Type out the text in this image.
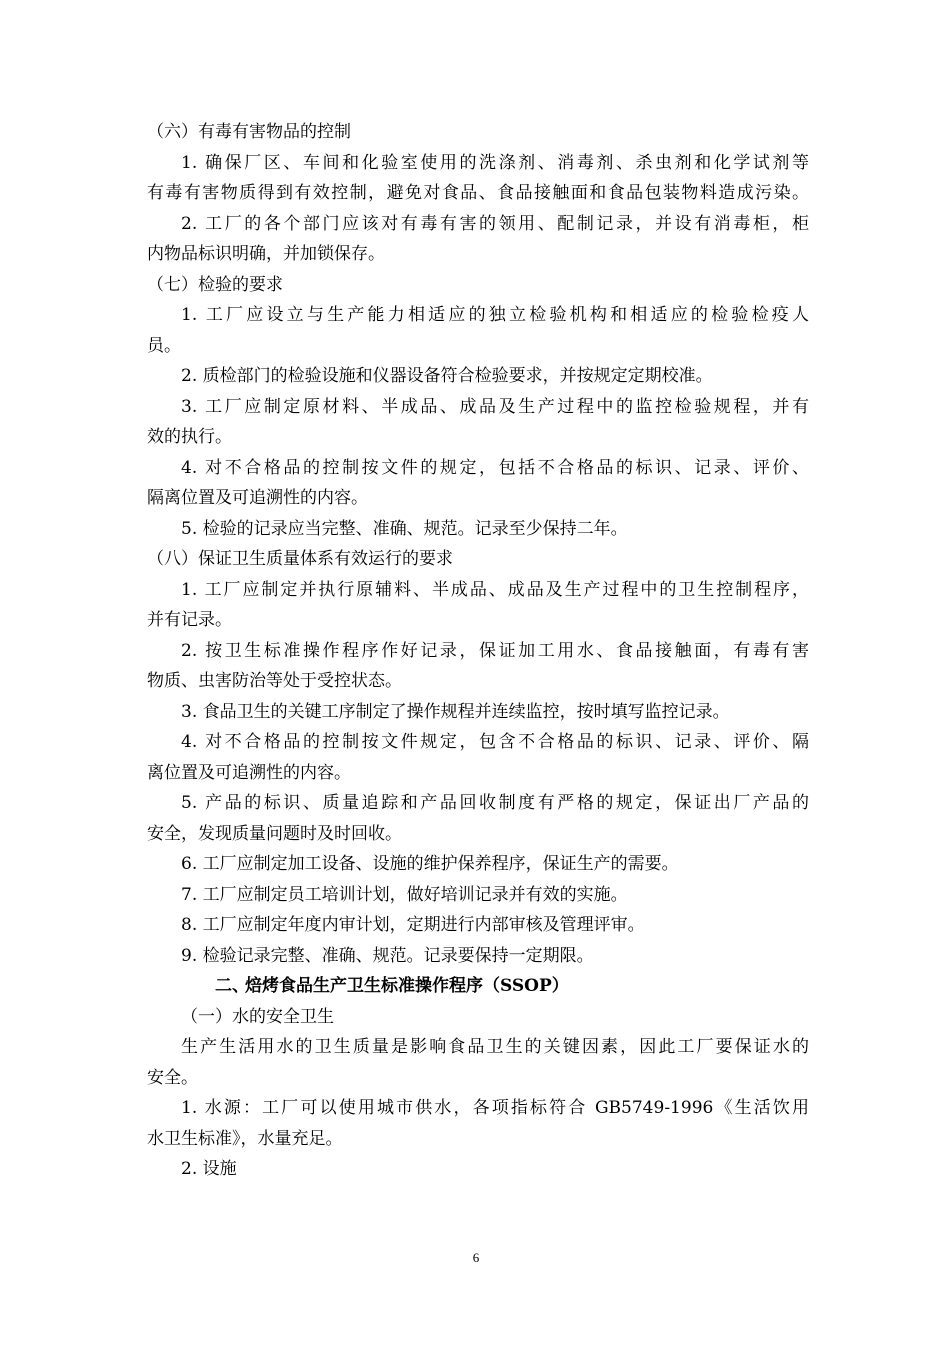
（六）有毒有害物品的控制
1. 确保厂区、车间和化验室使用的洗涤剂、消毒剂、杀虫剂和化学试剂等
有毒有害物质得到有效控制，避免对食品、食品接触面和食品包装物料造成污染。
2. 工厂的各个部门应该对有毒有害的领用、配制记录，并设有消毒柜，柜
内物品标识明确，并加锁保存。
（七）检验的要求
1. 工厂应设立与生产能力相适应的独立检验机构和相适应的检验检疫人
员。
2. 质检部门的检验设施和仪器设备符合检验要求，并按规定定期校准。
3. 工厂应制定原材料、半成品、成品及生产过程中的监控检验规程，并有
效的执行。
4. 对不合格品的控制按文件的规定，包括不合格品的标识、记录、评价、
隔离位置及可追溯性的内容。
5. 检验的记录应当完整、准确、规范。记录至少保持二年。
（八）保证卫生质量体系有效运行的要求
1. 工厂应制定并执行原辅料、半成品、成品及生产过程中的卫生控制程序，
并有记录。
2. 按卫生标准操作程序作好记录，保证加工用水、食品接触面，有毒有害
物质、虫害防治等处于受控状态。
3. 食品卫生的关键工序制定了操作规程并连续监控，按时填写监控记录。
4. 对不合格品的控制按文件规定，包含不合格品的标识、记录、评价、隔
离位置及可追溯性的内容。
5. 产品的标识、质量追踪和产品回收制度有严格的规定，保证出厂产品的
安全，发现质量问题时及时回收。
6. 工厂应制定加工设备、设施的维护保养程序，保证生产的需要。
7. 工厂应制定员工培训计划，做好培训记录并有效的实施。
8. 工厂应制定年度内审计划，定期进行内部审核及管理评审。
9. 检验记录完整、准确、规范。记录要保持一定期限。
二、焙烤食品生产卫生标准操作程序（SSOP）
（一）水的安全卫生
生产生活用水的卫生质量是影响食品卫生的关键因素，因此工厂要保证水的
安全。
1. 水源：工厂可以使用城市供水，各项指标符合 GB5749-1996《生活饮用
水卫生标准》，水量充足。
2. 设施
6
